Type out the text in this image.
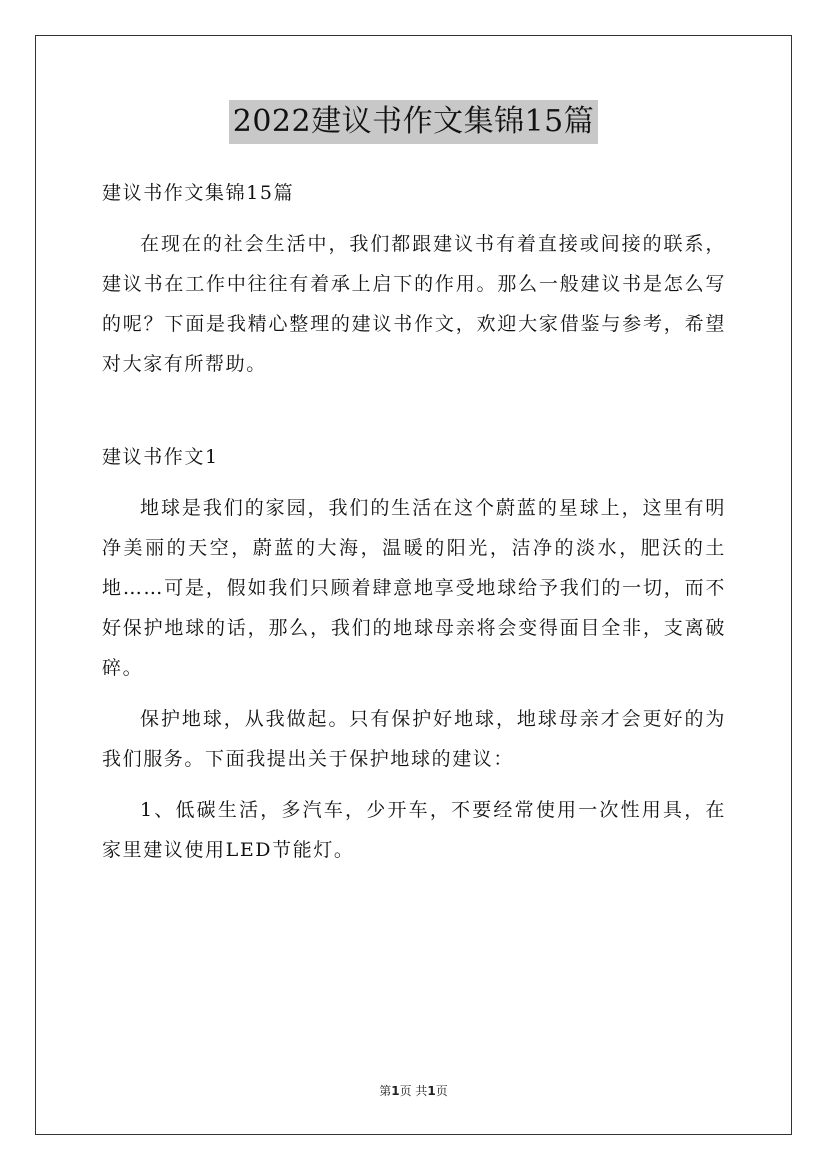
2022建议书作文集锦15篇

建议书作文集锦15篇

在现在的社会生活中，我们都跟建议书有着直接或间接的联系，建议书在工作中往往有着承上启下的作用。那么一般建议书是怎么写的呢？下面是我精心整理的建议书作文，欢迎大家借鉴与参考，希望对大家有所帮助。

建议书作文1

地球是我们的家园，我们的生活在这个蔚蓝的星球上，这里有明净美丽的天空，蔚蓝的大海，温暖的阳光，洁净的淡水，肥沃的土地……可是，假如我们只顾着肆意地享受地球给予我们的一切，而不好保护地球的话，那么，我们的地球母亲将会变得面目全非，支离破碎。

保护地球，从我做起。只有保护好地球，地球母亲才会更好的为我们服务。下面我提出关于保护地球的建议：

1、低碳生活，多汽车，少开车，不要经常使用一次性用具，在家里建议使用LED节能灯。

第1页 共1页
